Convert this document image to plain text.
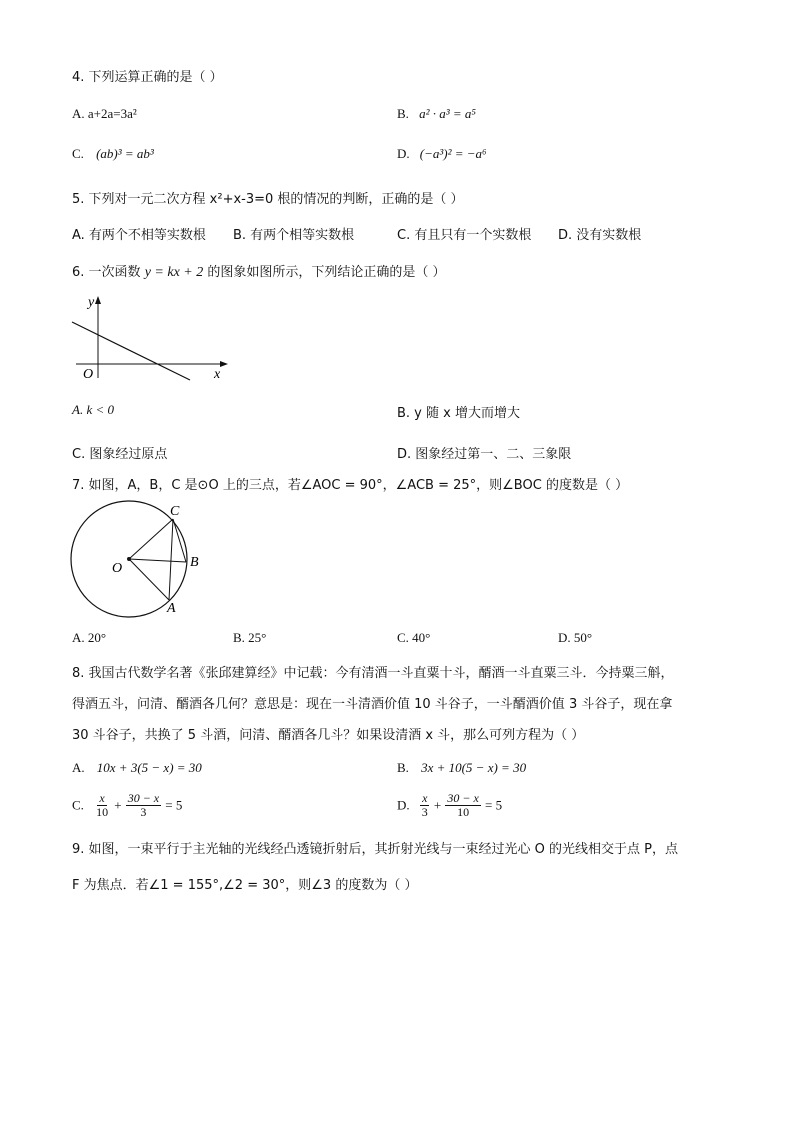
4. 下列运算正确的是（ ）
A. a+2a=3a²	B. a² · a³ = a⁵
C. (ab)³ = ab³	D. (−a³)² = −a⁶
5. 下列对一元二次方程 x²+x-3=0 根的情况的判断，正确的是（ ）
A. 有两个不相等实数根 B. 有两个相等实数根	C. 有且只有一个实数根 D. 没有实数根
6. 一次函数 y = kx + 2 的图象如图所示，下列结论正确的是（ ）
y
x
O
A. k < 0	B. y 随 x 增大而增大
C. 图象经过原点	D. 图象经过第一、二、三象限
7. 如图，A，B，C 是⊙O 上的三点，若∠AOC = 90°，∠ACB = 25°，则∠BOC 的度数是（ ）
C
O	B
A
A. 20°	B. 25°	C. 40°	D. 50°
8. 我国古代数学名著《张邱建算经》中记载：今有清酒一斗直粟十斗，醑酒一斗直粟三斗．今持粟三斛，
得酒五斗，问清、醑酒各几何？意思是：现在一斗清酒价值 10 斗谷子，一斗醑酒价值 3 斗谷子，现在拿
30 斗谷子，共换了 5 斗酒，问清、醑酒各几斗？如果设清酒 x 斗，那么可列方程为（ ）
A. 10x + 3(5 − x) = 30	B. 3x + 10(5 − x) = 30
C. $\frac{x}{10} + \frac{30 - x}{3} = 5$	D. $\frac{x}{3} + \frac{30 - x}{10} = 5$
9. 如图，一束平行于主光轴的光线经凸透镜折射后，其折射光线与一束经过光心 O 的光线相交于点 P，点
F 为焦点．若∠1 = 155°,∠2 = 30°，则∠3 的度数为（ ）
